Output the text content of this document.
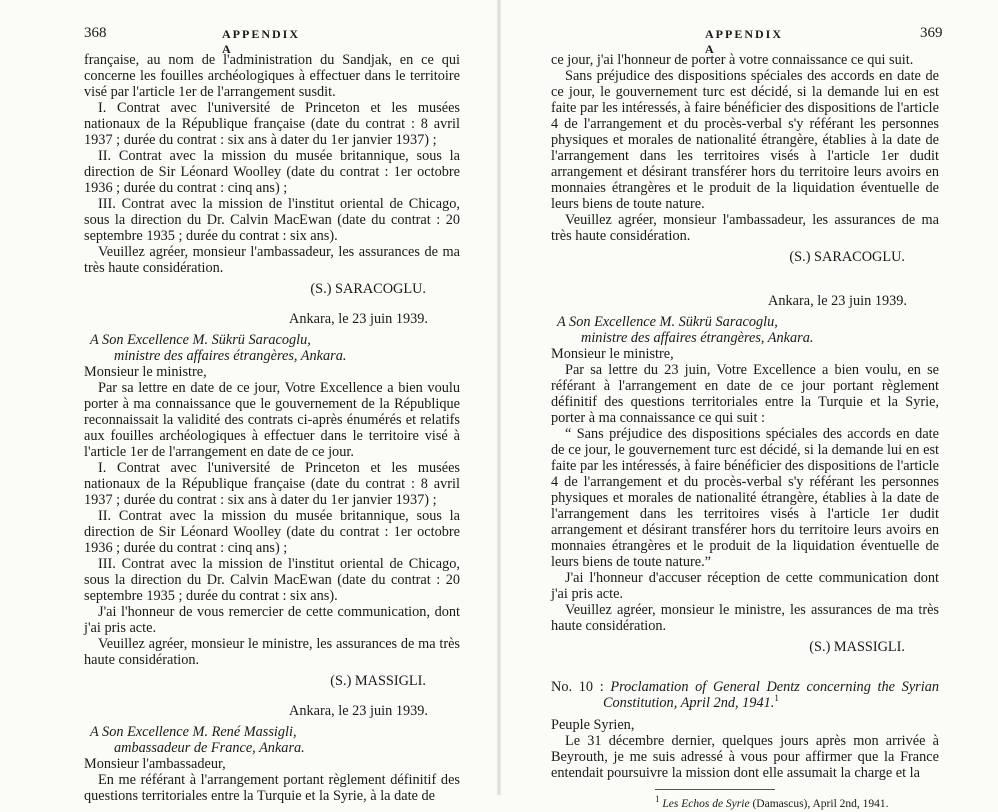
368	APPENDIX A

française, au nom de l'administration du Sandjak, en ce qui concerne les fouilles archéologiques à effectuer dans le territoire visé par l'article 1er de l'arrangement susdit.

I. Contrat avec l'université de Princeton et les musées nationaux de la République française (date du contrat : 8 avril 1937 ; durée du contrat : six ans à dater du 1er janvier 1937) ;

II. Contrat avec la mission du musée britannique, sous la direction de Sir Léonard Woolley (date du contrat : 1er octobre 1936 ; durée du contrat : cinq ans) ;

III. Contrat avec la mission de l'institut oriental de Chicago, sous la direction du Dr. Calvin MacEwan (date du contrat : 20 septembre 1935 ; durée du contrat : six ans).

Veuillez agréer, monsieur l'ambassadeur, les assurances de ma très haute considération.

(S.) SARACOGLU.

Ankara, le 23 juin 1939.

A Son Excellence M. Sükrü Saracoglu,

ministre des affaires étrangères, Ankara.

Monsieur le ministre,

Par sa lettre en date de ce jour, Votre Excellence a bien voulu porter à ma connaissance que le gouvernement de la République reconnaissait la validité des contrats ci-après énumérés et relatifs aux fouilles archéologiques à effectuer dans le territoire visé à l'article 1er de l'arrangement en date de ce jour.

I. Contrat avec l'université de Princeton et les musées nationaux de la République française (date du contrat : 8 avril 1937 ; durée du contrat : six ans à dater du 1er janvier 1937) ;

II. Contrat avec la mission du musée britannique, sous la direction de Sir Léonard Woolley (date du contrat : 1er octobre 1936 ; durée du contrat : cinq ans) ;

III. Contrat avec la mission de l'institut oriental de Chicago, sous la direction du Dr. Calvin MacEwan (date du contrat : 20 septembre 1935 ; durée du contrat : six ans).

J'ai l'honneur de vous remercier de cette communication, dont j'ai pris acte.

Veuillez agréer, monsieur le ministre, les assurances de ma très haute considération.

(S.) MASSIGLI.

Ankara, le 23 juin 1939.

A Son Excellence M. René Massigli,

ambassadeur de France, Ankara.

Monsieur l'ambassadeur,

En me référant à l'arrangement portant règlement définitif des questions territoriales entre la Turquie et la Syrie, à la date de

APPENDIX A
369

ce jour, j'ai l'honneur de porter à votre connaissance ce qui suit.

Sans préjudice des dispositions spéciales des accords en date de ce jour, le gouvernement turc est décidé, si la demande lui en est faite par les intéressés, à faire bénéficier des dispositions de l'article 4 de l'arrangement et du procès-verbal s'y référant les personnes physiques et morales de nationalité étrangère, établies à la date de l'arrangement dans les territoires visés à l'article 1er dudit arrangement et désirant transférer hors du territoire leurs avoirs en monnaies étrangères et le produit de la liquidation éventuelle de leurs biens de toute nature.

Veuillez agréer, monsieur l'ambassadeur, les assurances de ma très haute considération.

(S.) SARACOGLU.

Ankara, le 23 juin 1939.

A Son Excellence M. Sükrü Saracoglu,

ministre des affaires étrangères, Ankara.

Monsieur le ministre,

Par sa lettre du 23 juin, Votre Excellence a bien voulu, en se référant à l'arrangement en date de ce jour portant règlement définitif des questions territoriales entre la Turquie et la Syrie, porter à ma connaissance ce qui suit :

“ Sans préjudice des dispositions spéciales des accords en date de ce jour, le gouvernement turc est décidé, si la demande lui en est faite par les intéressés, à faire bénéficier des dispositions de l'article 4 de l'arrangement et du procès-verbal s'y référant les personnes physiques et morales de nationalité étrangère, établies à la date de l'arrangement dans les territoires visés à l'article 1er dudit arrangement et désirant transférer hors du territoire leurs avoirs en monnaies étrangères et le produit de la liquidation éventuelle de leurs biens de toute nature.”

J'ai l'honneur d'accuser réception de cette communication dont j'ai pris acte.

Veuillez agréer, monsieur le ministre, les assurances de ma très haute considération.

(S.) MASSIGLI.

No. 10 : Proclamation of General Dentz concerning the Syrian Constitution, April 2nd, 1941.$^1$

Peuple Syrien,

Le 31 décembre dernier, quelques jours après mon arrivée à Beyrouth, je me suis adressé à vous pour affirmer que la France entendait poursuivre la mission dont elle assumait la charge et la

$^1$ Les Echos de Syrie (Damascus), April 2nd, 1941.
